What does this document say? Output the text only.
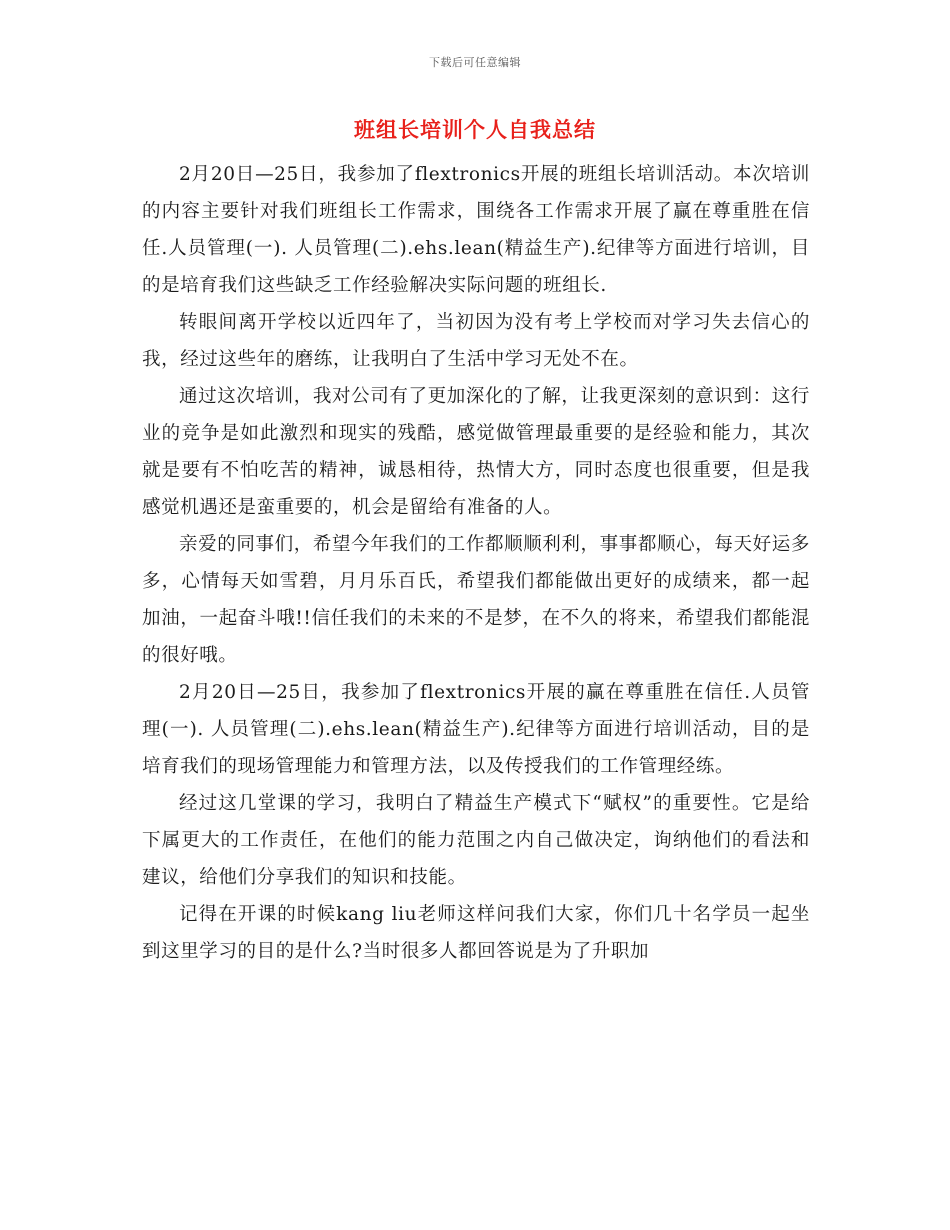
下载后可任意编辑
班组长培训个人自我总结

2月20日—25日，我参加了flextronics开展的班组长培训活动。本次培训的内容主要针对我们班组长工作需求，围绕各工作需求开展了赢在尊重胜在信任.人员管理(一). 人员管理(二).ehs.lean(精益生产).纪律等方面进行培训，目的是培育我们这些缺乏工作经验解决实际问题的班组长.

转眼间离开学校以近四年了，当初因为没有考上学校而对学习失去信心的我，经过这些年的磨练，让我明白了生活中学习无处不在。

通过这次培训，我对公司有了更加深化的了解，让我更深刻的意识到：这行业的竞争是如此激烈和现实的残酷，感觉做管理最重要的是经验和能力，其次就是要有不怕吃苦的精神，诚恳相待，热情大方，同时态度也很重要，但是我感觉机遇还是蛮重要的，机会是留给有准备的人。

亲爱的同事们，希望今年我们的工作都顺顺利利，事事都顺心，每天好运多多，心情每天如雪碧，月月乐百氏，希望我们都能做出更好的成绩来，都一起加油，一起奋斗哦!!信任我们的未来的不是梦，在不久的将来，希望我们都能混的很好哦。

2月20日—25日，我参加了flextronics开展的赢在尊重胜在信任.人员管理(一). 人员管理(二).ehs.lean(精益生产).纪律等方面进行培训活动，目的是培育我们的现场管理能力和管理方法，以及传授我们的工作管理经练。

经过这几堂课的学习，我明白了精益生产模式下“赋权”的重要性。它是给下属更大的工作责任，在他们的能力范围之内自己做决定，询纳他们的看法和建议，给他们分享我们的知识和技能。

记得在开课的时候kang liu老师这样问我们大家，你们几十名学员一起坐到这里学习的目的是什么?当时很多人都回答说是为了升职加
